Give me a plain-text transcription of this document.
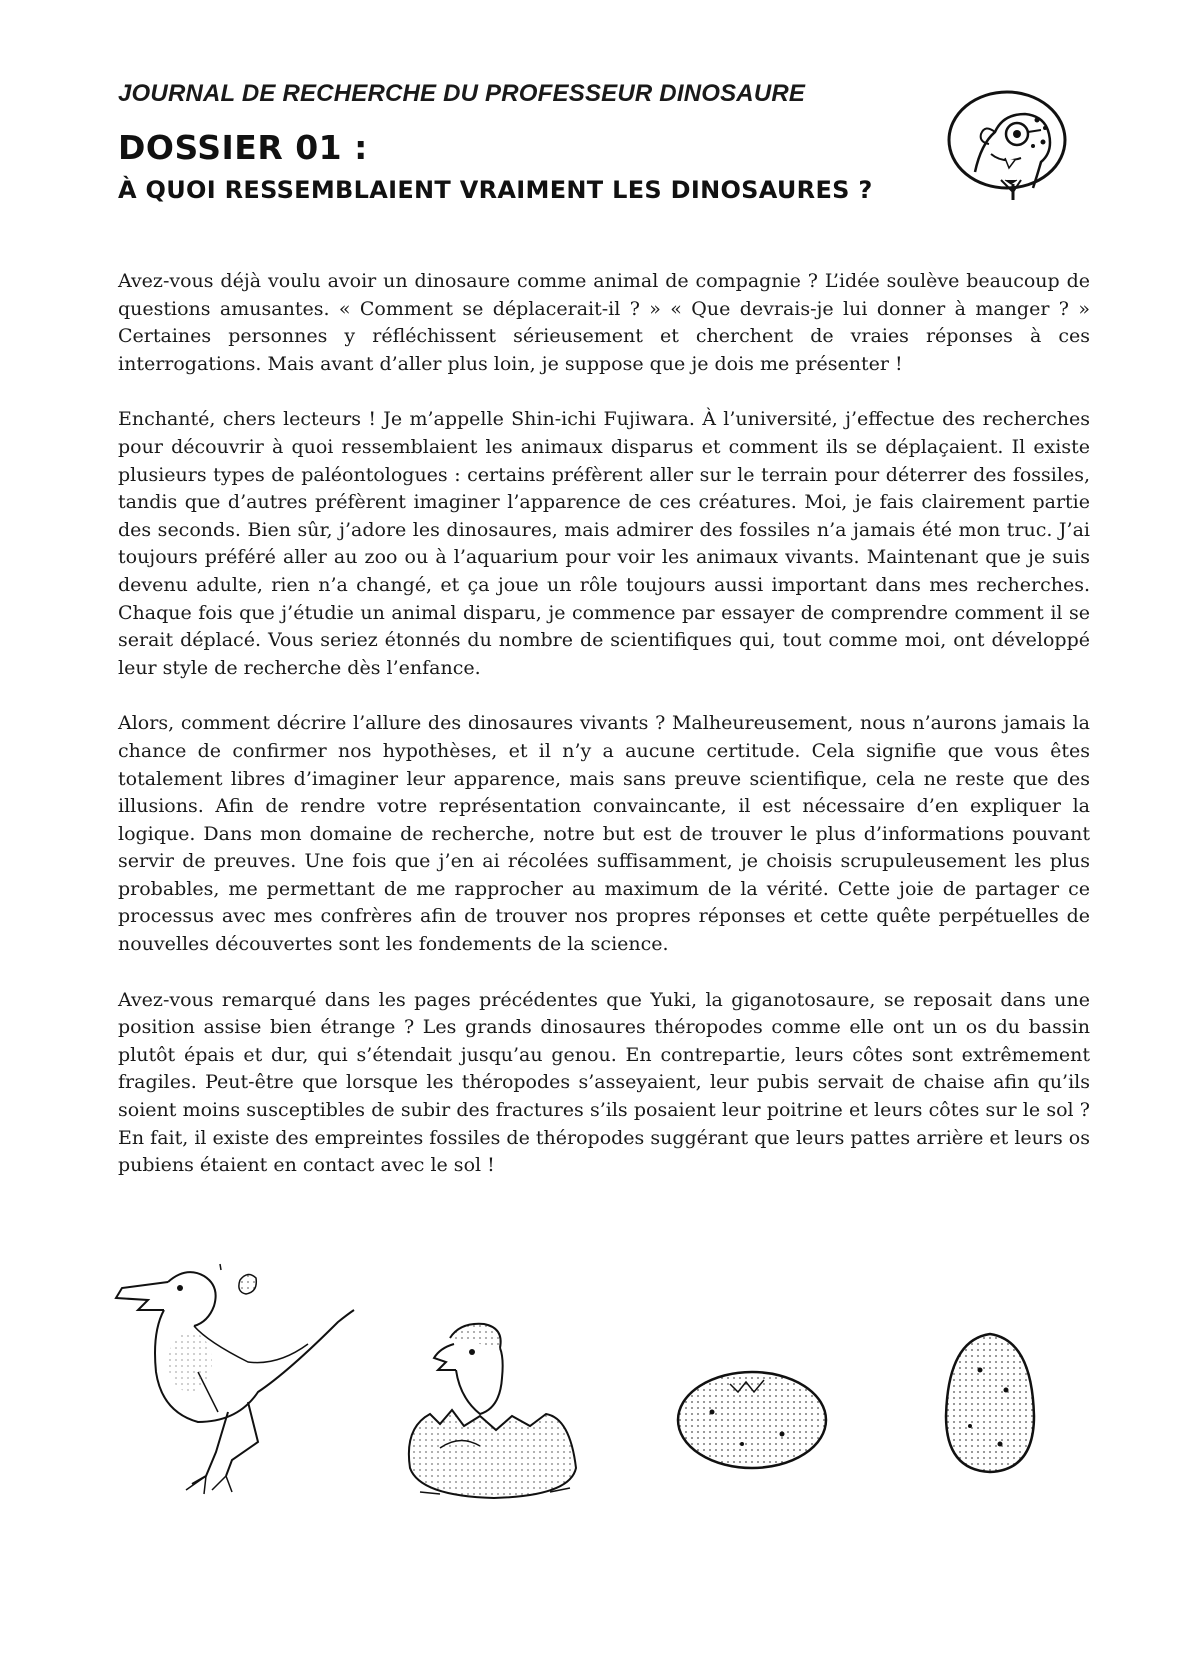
JOURNAL DE RECHERCHE DU PROFESSEUR DINOSAURE
DOSSIER 01 :
À QUOI RESSEMBLAIENT VRAIMENT LES DINOSAURES ?

Avez-vous déjà voulu avoir un dinosaure comme animal de compagnie ? L’idée soulève beaucoup de questions amusantes. « Comment se déplacerait-il ? » « Que devrais-je lui donner à manger ? » Certaines personnes y réfléchissent sérieusement et cherchent de vraies réponses à ces interrogations. Mais avant d’aller plus loin, je suppose que je dois me présenter !

Enchanté, chers lecteurs ! Je m’appelle Shin-ichi Fujiwara. À l’université, j’effectue des recherches pour découvrir à quoi ressemblaient les animaux disparus et comment ils se déplaçaient. Il existe plusieurs types de paléontologues : certains préfèrent aller sur le terrain pour déterrer des fossiles, tandis que d’autres préfèrent imaginer l’apparence de ces créatures. Moi, je fais clairement partie des seconds. Bien sûr, j’adore les dinosaures, mais admirer des fossiles n’a jamais été mon truc. J’ai toujours préféré aller au zoo ou à l’aquarium pour voir les animaux vivants. Maintenant que je suis devenu adulte, rien n’a changé, et ça joue un rôle toujours aussi important dans mes recherches. Chaque fois que j’étudie un animal disparu, je commence par essayer de comprendre comment il se serait déplacé. Vous seriez étonnés du nombre de scientifiques qui, tout comme moi, ont développé leur style de recherche dès l’enfance.

Alors, comment décrire l’allure des dinosaures vivants ? Malheureusement, nous n’aurons jamais la chance de confirmer nos hypothèses, et il n’y a aucune certitude. Cela signifie que vous êtes totalement libres d’imaginer leur apparence, mais sans preuve scientifique, cela ne reste que des illusions. Afin de rendre votre représentation convaincante, il est nécessaire d’en expliquer la logique. Dans mon domaine de recherche, notre but est de trouver le plus d’informations pouvant servir de preuves. Une fois que j’en ai récolées suffisamment, je choisis scrupuleusement les plus probables, me permettant de me rapprocher au maximum de la vérité. Cette joie de partager ce processus avec mes confrères afin de trouver nos propres réponses et cette quête perpétuelles de nouvelles découvertes sont les fondements de la science.

Avez-vous remarqué dans les pages précédentes que Yuki, la giganotosaure, se reposait dans une position assise bien étrange ? Les grands dinosaures théropodes comme elle ont un os du bassin plutôt épais et dur, qui s’étendait jusqu’au genou. En contrepartie, leurs côtes sont extrêmement fragiles. Peut-être que lorsque les théropodes s’asseyaient, leur pubis servait de chaise afin qu’ils soient moins susceptibles de subir des fractures s’ils posaient leur poitrine et leurs côtes sur le sol ? En fait, il existe des empreintes fossiles de théropodes suggérant que leurs pattes arrière et leurs os pubiens étaient en contact avec le sol !
